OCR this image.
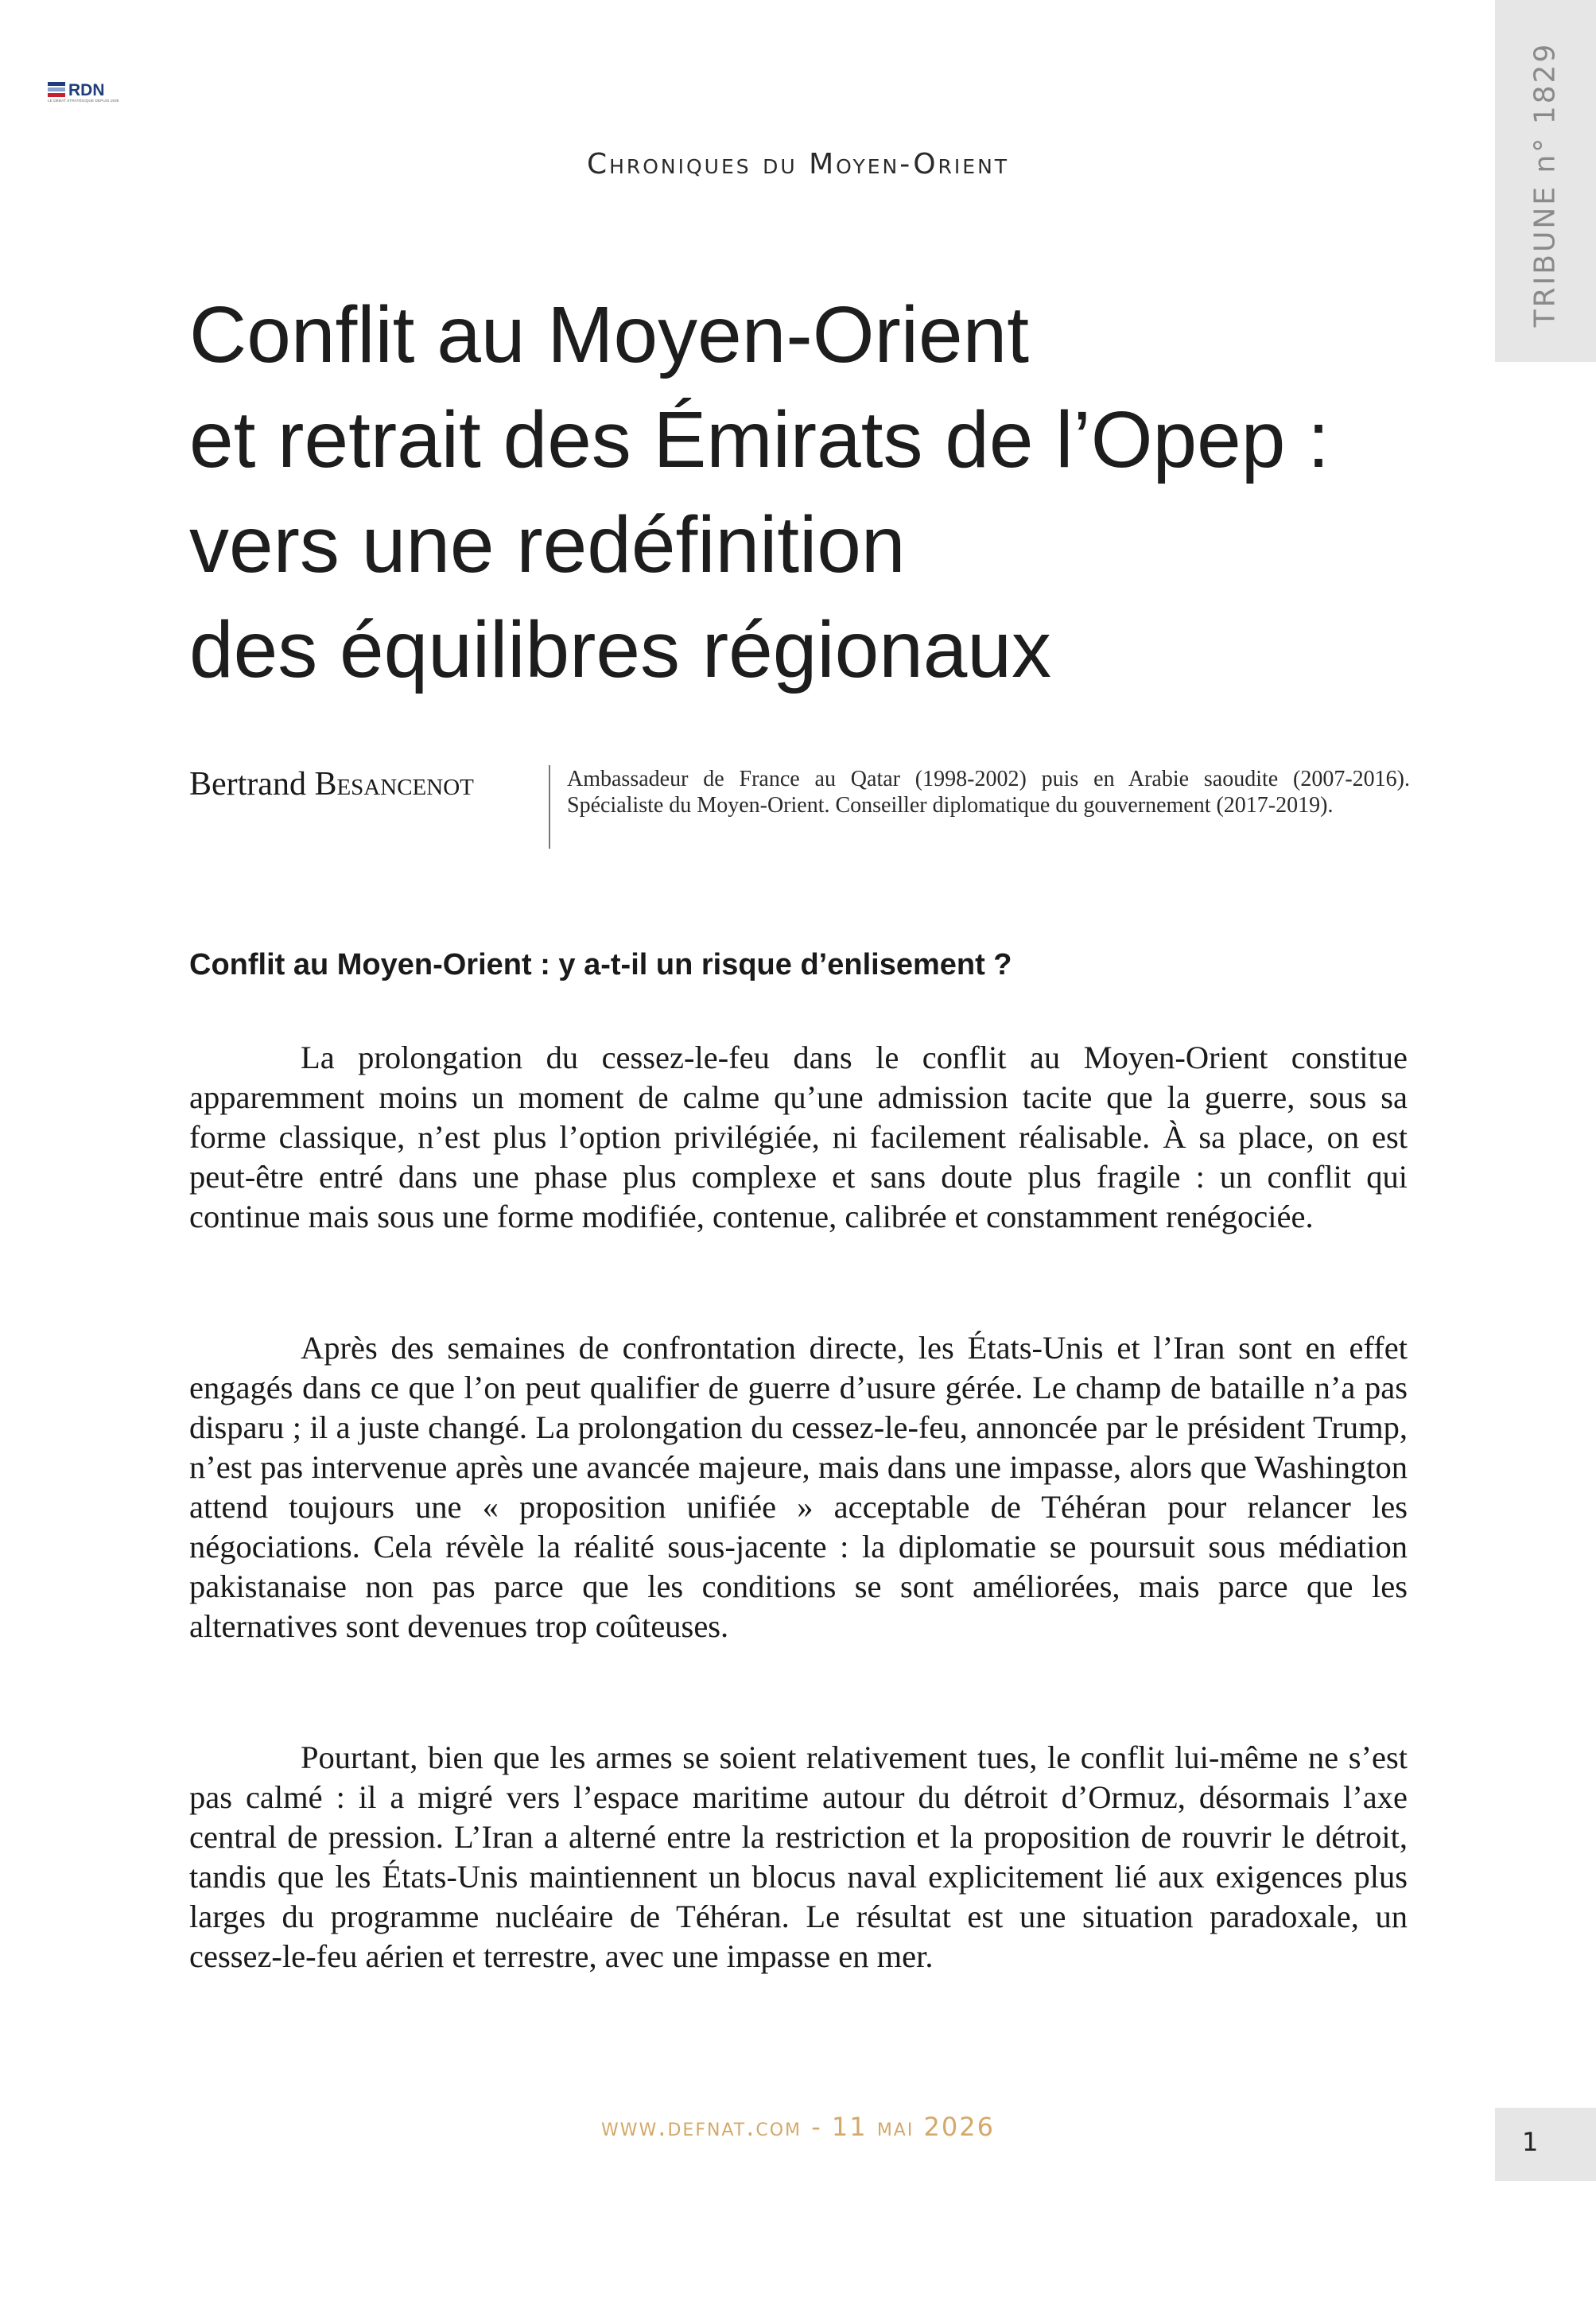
RDN
LE DÉBAT STRATÉGIQUE DEPUIS 1939	TRIBUNE n° 1829
Chroniques du Moyen-Orient
Conflit au Moyen-Orient
et retrait des Émirats de l’Opep :
vers une redéfinition
des équilibres régionaux
Bertrand Besancenot	Ambassadeur de France au Qatar (1998-2002) puis en Arabie saoudite (2007-2016). Spécialiste du Moyen-Orient. Conseiller diplomatique du gouvernement (2017-2019).
Conflit au Moyen-Orient : y a-t-il un risque d’enlisement ?

La prolongation du cessez-le-feu dans le conflit au Moyen-Orient constitue apparemment moins un moment de calme qu’une admission tacite que la guerre, sous sa forme classique, n’est plus l’option privilégiée, ni facilement réalisable. À sa place, on est peut-être entré dans une phase plus complexe et sans doute plus fragile : un conflit qui continue mais sous une forme modifiée, contenue, calibrée et constamment renégociée.

Après des semaines de confrontation directe, les États-Unis et l’Iran sont en effet engagés dans ce que l’on peut qualifier de guerre d’usure gérée. Le champ de bataille n’a pas disparu ; il a juste changé. La prolongation du cessez-le-feu, annoncée par le président Trump, n’est pas intervenue après une avancée majeure, mais dans une impasse, alors que Washington attend toujours une « proposition unifiée » acceptable de Téhéran pour relancer les négociations. Cela révèle la réalité sous-jacente : la diplomatie se poursuit sous médiation pakistanaise non pas parce que les conditions se sont améliorées, mais parce que les alternatives sont devenues trop coûteuses.

Pourtant, bien que les armes se soient relativement tues, le conflit lui-même ne s’est pas calmé : il a migré vers l’espace maritime autour du détroit d’Ormuz, désormais l’axe central de pression. L’Iran a alterné entre la restriction et la proposition de rouvrir le détroit, tandis que les États-Unis maintiennent un blocus naval explicitement lié aux exigences plus larges du programme nucléaire de Téhéran. Le résultat est une situation paradoxale, un cessez-le-feu aérien et terrestre, avec une impasse en mer.

www.defnat.com - 11 mai 2026	1
